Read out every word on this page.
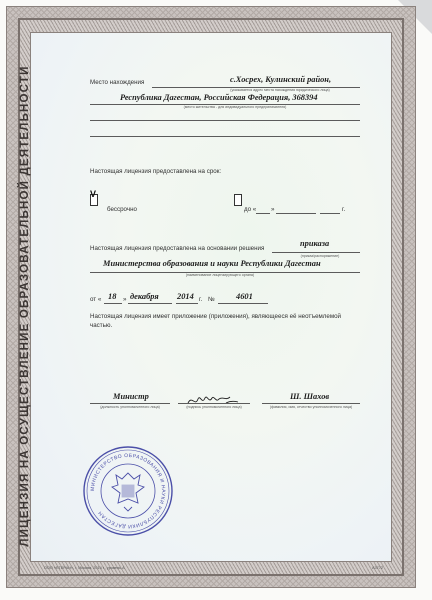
ЛИЦЕНЗИЯ НА ОСУЩЕСТВЛЕНИЕ ОБРАЗОВАТЕЛЬНОЙ ДЕЯТЕЛЬНОСТИ	Место нахождения	с.Хосрех, Кулинский район,
(указывается адрес места нахождения юридического лица)
Республика Дагестан, Российская Федерация, 368394
(место жительства - для индивидуального предпринимателя)
Настоящая лицензия предоставлена на срок:
V
бессрочно	до « »	г.
Настоящая лицензия предоставлена на основании решения
приказа
(приказ/распоряжение)
Министерства образования и науки Республики Дагестан
(наименование лицензирующего органа)
от « 18 » декабря 2014 г. №	4601
Настоящая лицензия имеет приложение (приложения), являющееся её неотъемлемой частью.
Министр
(должность уполномоченного лица)	(подпись уполномоченного лица)
Ш. Шахов
(фамилия, имя, отчество уполномоченного лица)
МИНИСТЕРСТВО ОБРАЗОВАНИЯ И НАУКИ РЕСПУБЛИКИ ДАГЕСТАН
ООО «ЕТЕРАН», г. Москва, 2014 г., уровень А	А3772
